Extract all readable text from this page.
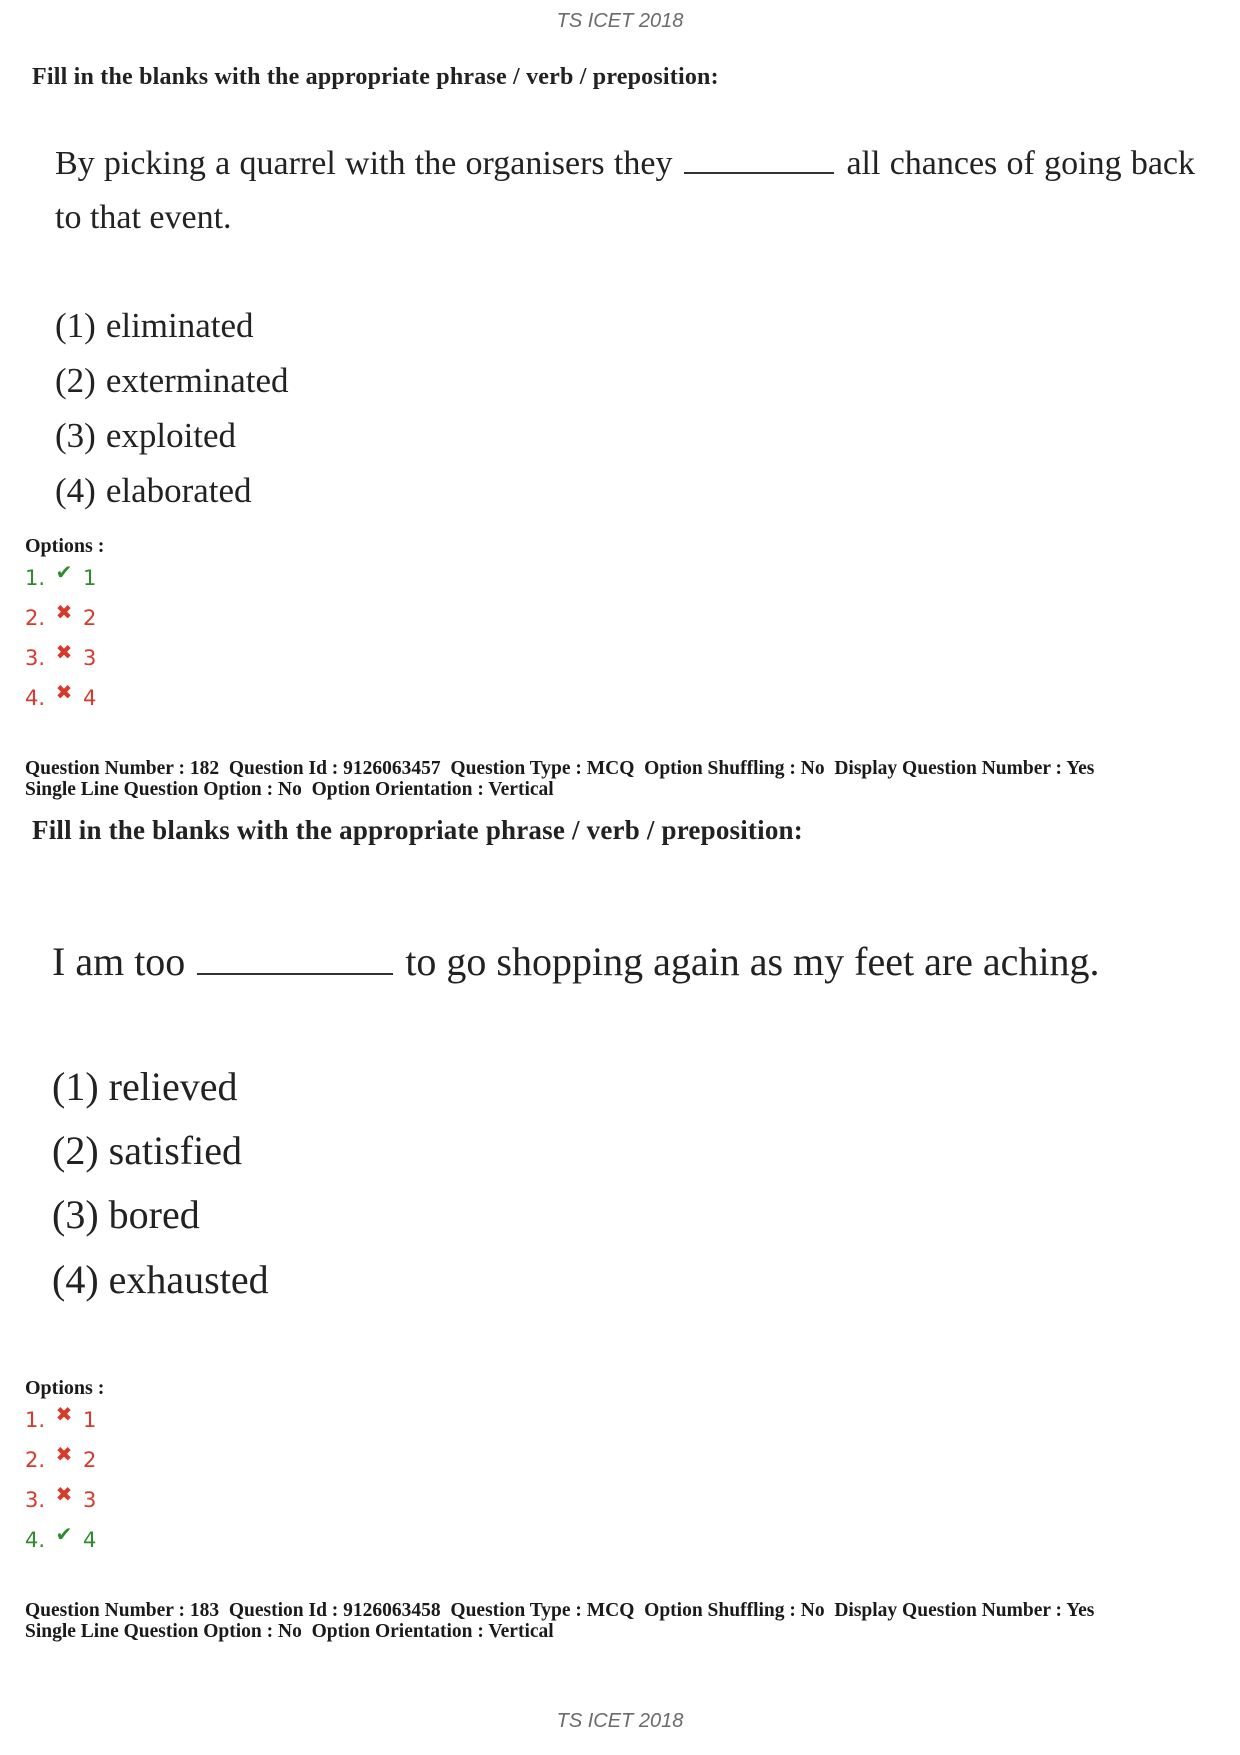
TS ICET 2018
Fill in the blanks with the appropriate phrase / verb / preposition:
By picking a quarrel with the organisers they	all chances of going back to that event.
(1) eliminated
(2) exterminated
(3) exploited
(4) elaborated
Options :
1. ✔ 1
2. ✖ 2
3. ✖ 3
4. ✖ 4
Question Number : 182  Question Id : 9126063457  Question Type : MCQ  Option Shuffling : No  Display Question Number : Yes
Single Line Question Option : No  Option Orientation : Vertical
Fill in the blanks with the appropriate phrase / verb / preposition:
I am too	to go shopping again as my feet are aching.
(1) relieved
(2) satisfied
(3) bored
(4) exhausted
Options :
1. ✖ 1
2. ✖ 2
3. ✖ 3
4. ✔ 4
Question Number : 183  Question Id : 9126063458  Question Type : MCQ  Option Shuffling : No  Display Question Number : Yes
Single Line Question Option : No  Option Orientation : Vertical
TS ICET 2018
